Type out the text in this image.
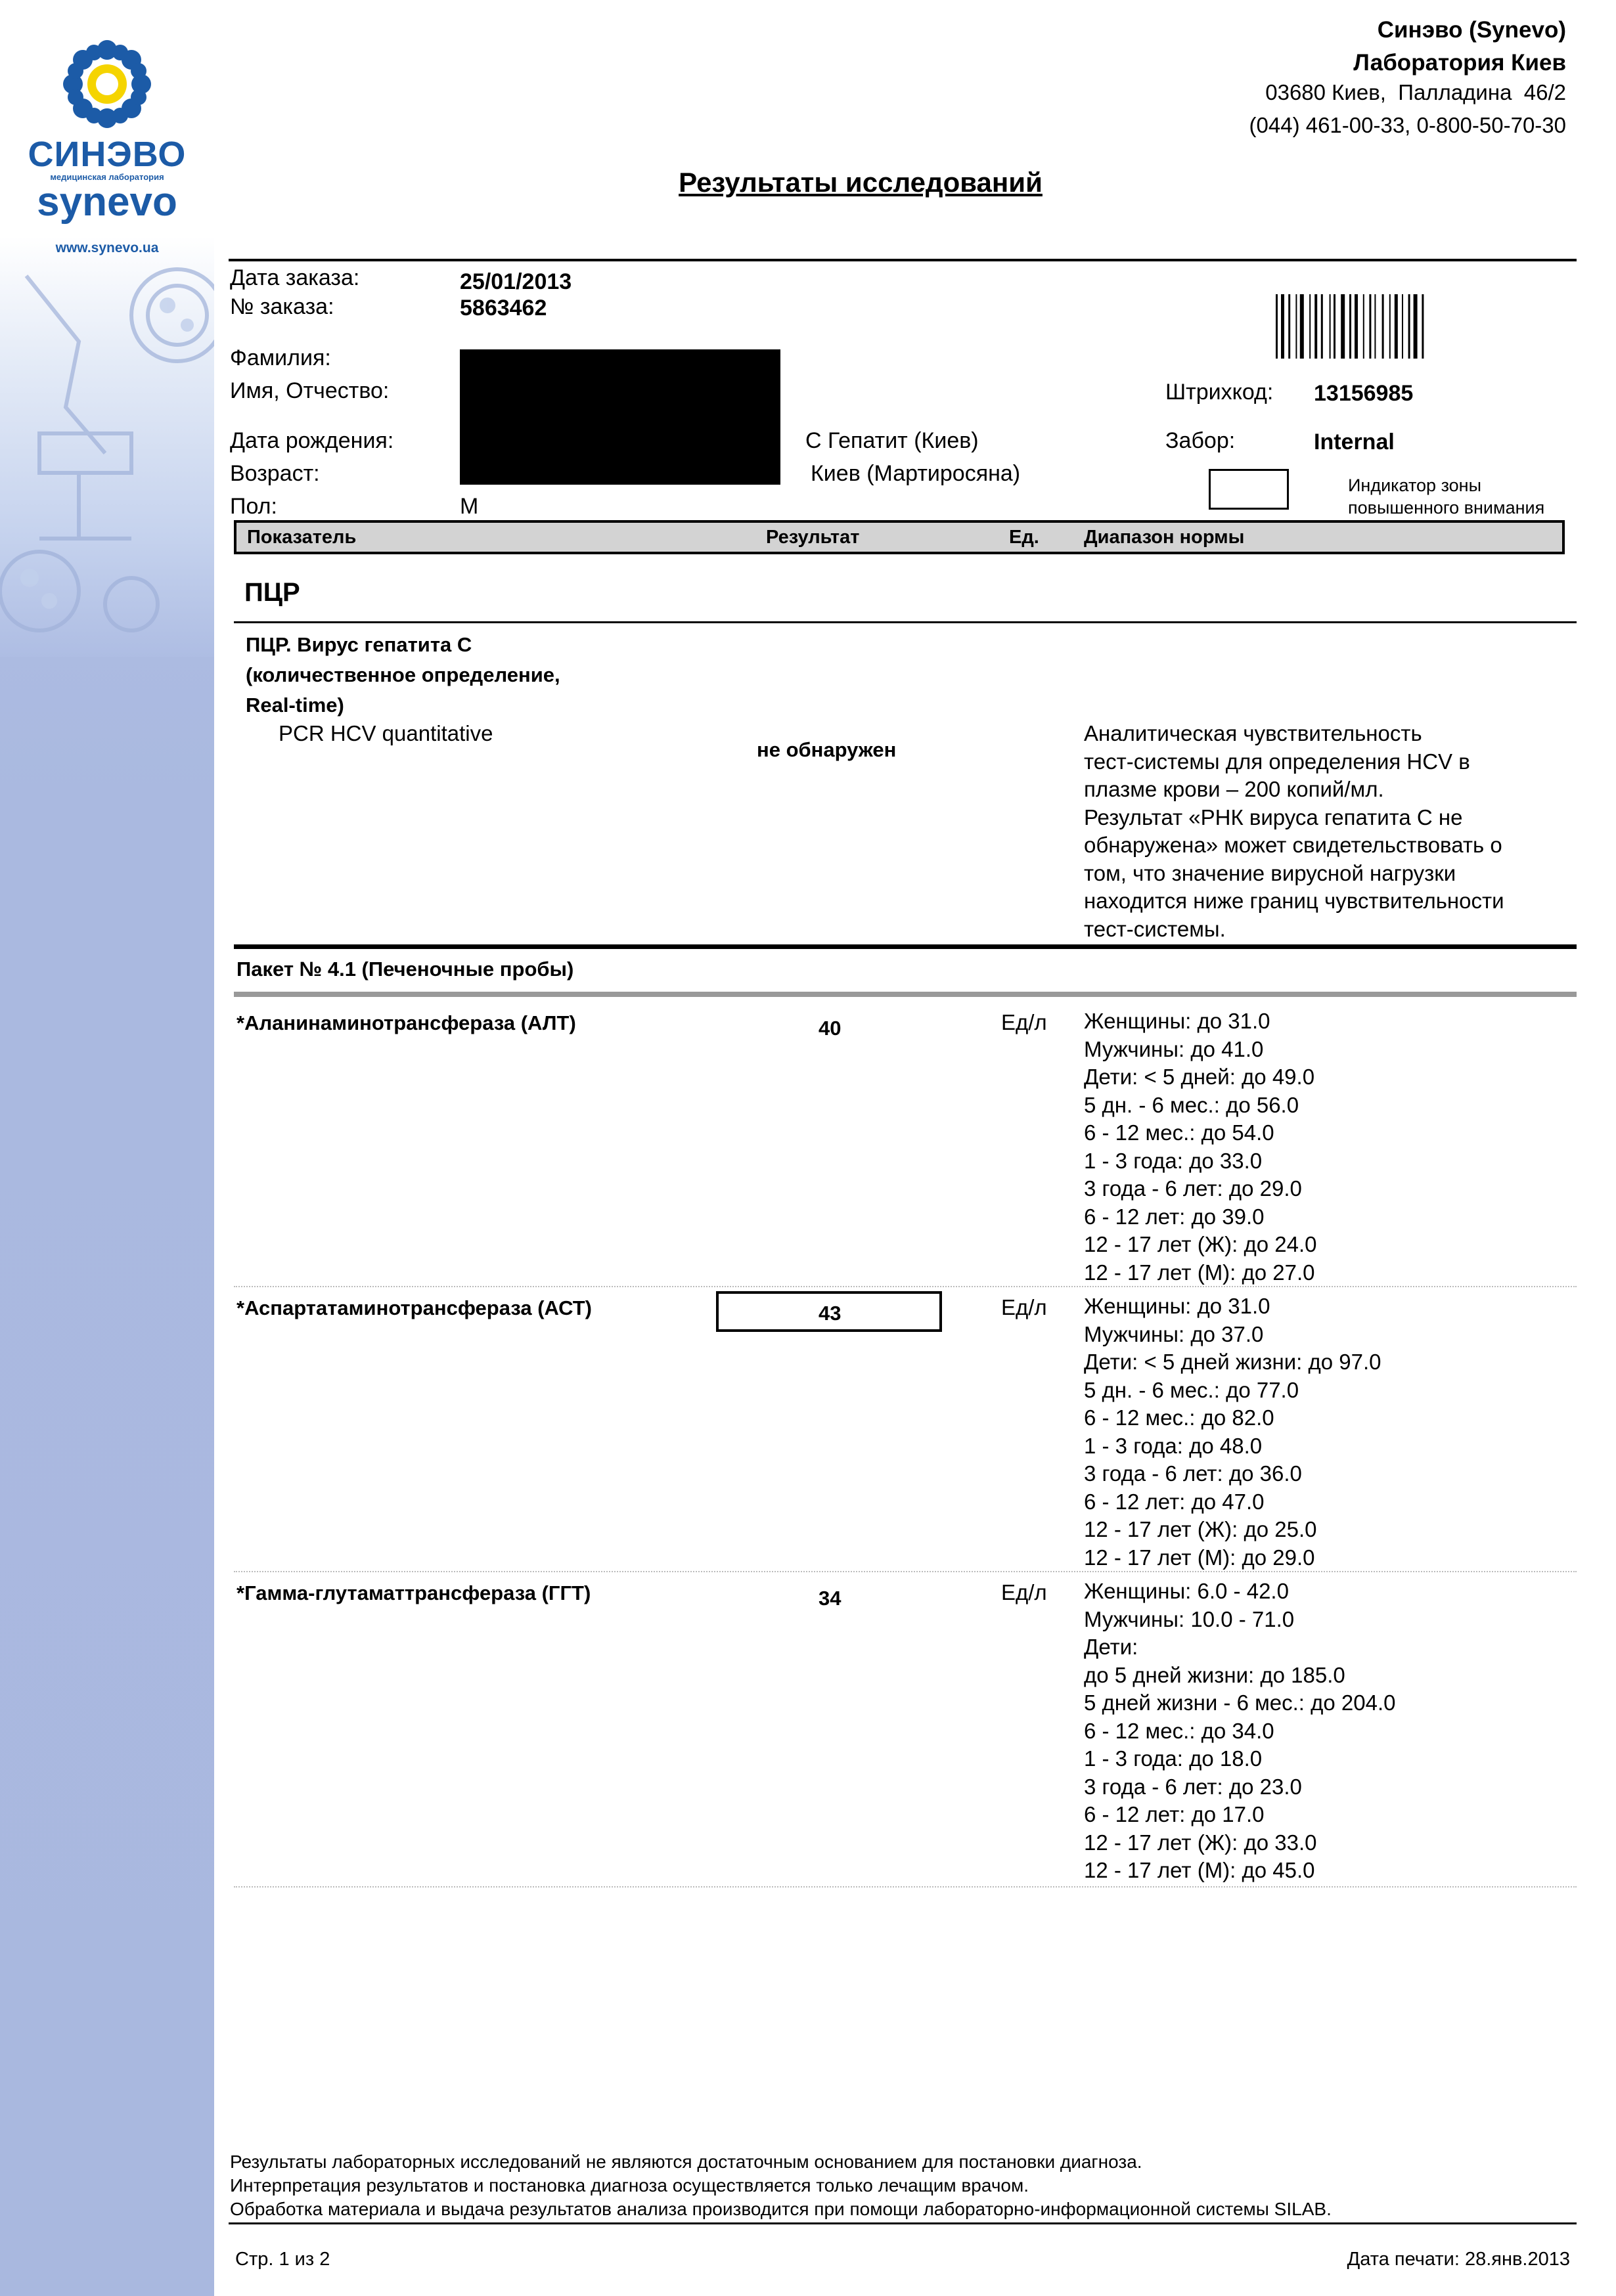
СИНЭВО
медицинская лаборатория
synevo
www.synevo.ua
Синэво (Synevo)
Лаборатория Киев
03680 Киев,  Палладина  46/2
(044) 461-00-33, 0-800-50-70-30
Результаты исследований
Дата заказа:	25/01/2013
№ заказа:	5863462
Фамилия:
Имя, Отчество:
Дата рождения:
Возраст:
Пол:	М
С Гепатит (Киев)
Киев (Мартиросяна)
Штрихкод: 13156985
Забор:	Internal
Индикатор зоны
повышенного внимания
Показатель	Результат	Ед. Диапазон нормы
ПЦР
ПЦР. Вирус гепатита С
(количественное определение,
Real-time)
PCR HCV quantitative
не обнаружен
Аналитическая чувствительность
тест-системы для определения HCV в
плазме крови – 200 копий/мл.
Результат «РНК вируса гепатита С не
обнаружена» может свидетельствовать о
том, что значение вирусной нагрузки
находится ниже границ чувствительности
тест-системы.
Пакет № 4.1 (Печеночные пробы)
*Аланинаминотрансфераза (АЛТ)	40	Ед/л Женщины: до 31.0
Мужчины: до 41.0
Дети: < 5 дней: до 49.0
5 дн. - 6 мес.: до 56.0
6 - 12 мес.: до 54.0
1 - 3 года: до 33.0
3 года - 6 лет: до 29.0
6 - 12 лет: до 39.0
12 - 17 лет (Ж): до 24.0
12 - 17 лет (М): до 27.0
*Аспартатаминотрансфераза (АСТ)	43	Ед/л Женщины: до 31.0
Мужчины: до 37.0
Дети: < 5 дней жизни: до 97.0
5 дн. - 6 мес.: до 77.0
6 - 12 мес.: до 82.0
1 - 3 года: до 48.0
3 года - 6 лет: до 36.0
6 - 12 лет: до 47.0
12 - 17 лет (Ж): до 25.0
12 - 17 лет (М): до 29.0
*Гамма-глутаматтрансфераза (ГГТ)	34	Ед/л Женщины: 6.0 - 42.0
Мужчины: 10.0 - 71.0
Дети:
до 5 дней жизни: до 185.0
5 дней жизни - 6 мес.: до 204.0
6 - 12 мес.: до 34.0
1 - 3 года: до 18.0
3 года - 6 лет: до 23.0
6 - 12 лет: до 17.0
12 - 17 лет (Ж): до 33.0
12 - 17 лет (М): до 45.0
Результаты лабораторных исследований не являются достаточным основанием для постановки диагноза.
Интерпретация результатов и постановка диагноза осуществляется только лечащим врачом.
Обработка материала и выдача результатов анализа производится при помощи лабораторно-информационной системы SILAB.
Стр. 1 из 2	Дата печати: 28.янв.2013
